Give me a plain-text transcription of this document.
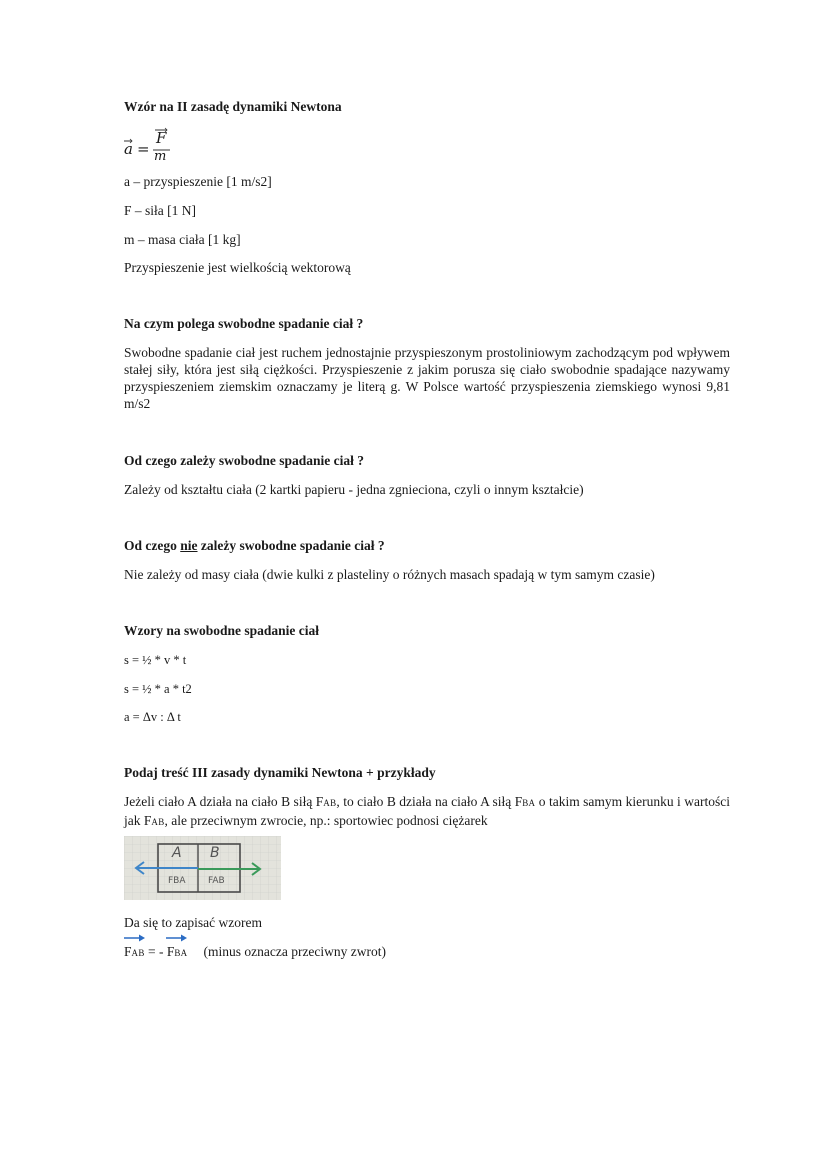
Wzór na II zasadę dynamiki Newtona
a =
F
m
a – przyspieszenie [1 m/s2]
F – siła [1 N]
m – masa ciała [1 kg]
Przyspieszenie jest wielkością wektorową
Na czym polega swobodne spadanie ciał ?
Swobodne spadanie ciał jest ruchem jednostajnie przyspieszonym prostoliniowym zachodzącym pod wpływem stałej siły, która jest siłą ciężkości. Przyspieszenie z jakim porusza się ciało swobodnie spadające nazywamy przyspieszeniem ziemskim oznaczamy je literą g. W Polsce wartość przyspieszenia ziemskiego wynosi 9,81 m/s2
Od czego zależy swobodne spadanie ciał ?
Zależy od kształtu ciała (2 kartki papieru - jedna zgnieciona, czyli o innym kształcie)
Od czego nie zależy swobodne spadanie ciał ?
Nie zależy od masy ciała (dwie kulki z plasteliny o różnych masach spadają w tym samym czasie)
Wzory na swobodne spadanie ciał
s = ½ * v * t
s = ½ * a * t2
a = Δv : Δ t
Podaj treść III zasady dynamiki Newtona + przykłady
Jeżeli ciało A działa na ciało B siłą FAB, to ciało B działa na ciało A siłą FBA o takim samym kierunku i wartości jak FAB, ale przeciwnym zwrocie, np.: sportowiec podnosi ciężarek
A B
FBA FAB
Da się to zapisać wzorem
FAB = - FBA (minus oznacza przeciwny zwrot)
